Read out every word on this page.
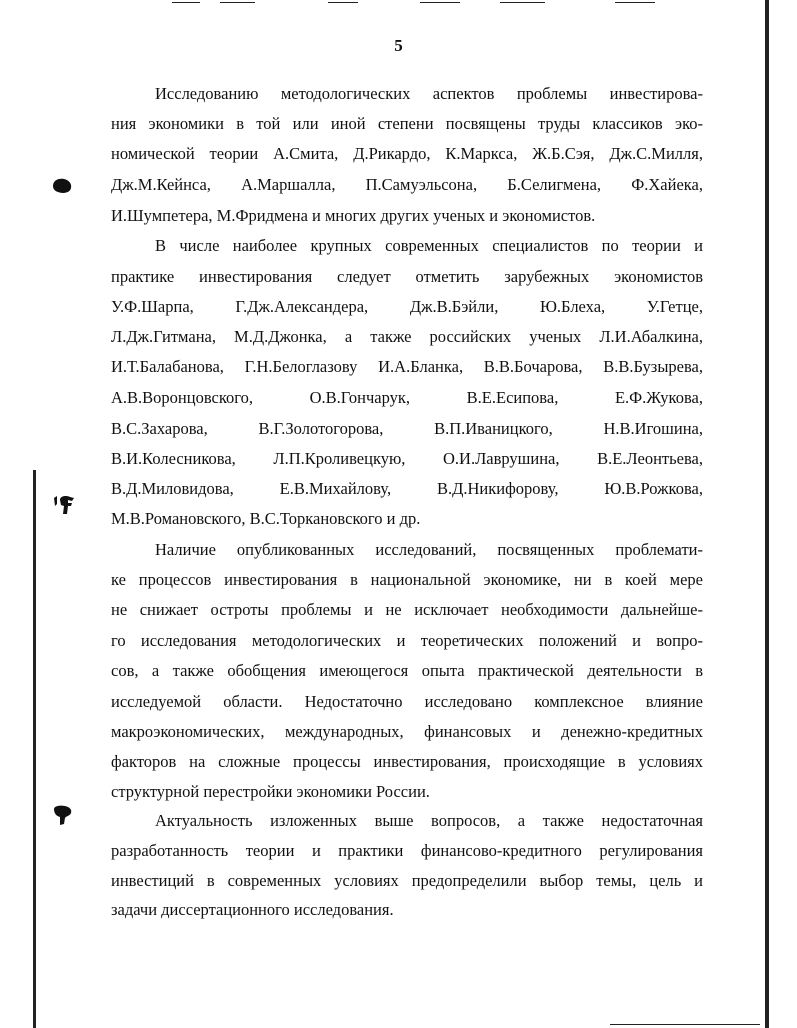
5
Исследованию методологических аспектов проблемы инвестирова-
ния экономики в той или иной степени посвящены труды классиков эко-
номической теории А.Смита, Д.Рикардо, К.Маркса, Ж.Б.Сэя, Дж.С.Милля,
Дж.М.Кейнса, А.Маршалла, П.Самуэльсона, Б.Селигмена, Ф.Хайека,
И.Шумпетера, М.Фридмена и многих других ученых и экономистов.
В числе наиболее крупных современных специалистов по теории и
практике инвестирования следует отметить зарубежных экономистов
У.Ф.Шарпа, Г.Дж.Александера, Дж.В.Бэйли, Ю.Блеха, У.Гетце,
Л.Дж.Гитмана, М.Д.Джонка, а также российских ученых Л.И.Абалкина,
И.Т.Балабанова, Г.Н.Белоглазову И.А.Бланка, В.В.Бочарова, В.В.Бузырева,
А.В.Воронцовского, О.В.Гончарук, В.Е.Есипова, Е.Ф.Жукова,
В.С.Захарова, В.Г.Золотогорова, В.П.Иваницкого, Н.В.Игошина,
В.И.Колесникова, Л.П.Кроливецкую, О.И.Лаврушина, В.Е.Леонтьева,
В.Д.Миловидова, Е.В.Михайлову, В.Д.Никифорову, Ю.В.Рожкова,
М.В.Романовского, В.С.Торкановского и др.
Наличие опубликованных исследований, посвященных проблемати-
ке процессов инвестирования в национальной экономике, ни в коей мере
не снижает остроты проблемы и не исключает необходимости дальнейше-
го исследования методологических и теоретических положений и вопро-
сов, а также обобщения имеющегося опыта практической деятельности в
исследуемой области. Недостаточно исследовано комплексное влияние
макроэкономических, международных, финансовых и денежно-кредитных
факторов на сложные процессы инвестирования, происходящие в условиях
структурной перестройки экономики России.
Актуальность изложенных выше вопросов, а также недостаточная
разработанность теории и практики финансово-кредитного регулирования
инвестиций в современных условиях предопределили выбор темы, цель и
задачи диссертационного исследования.
